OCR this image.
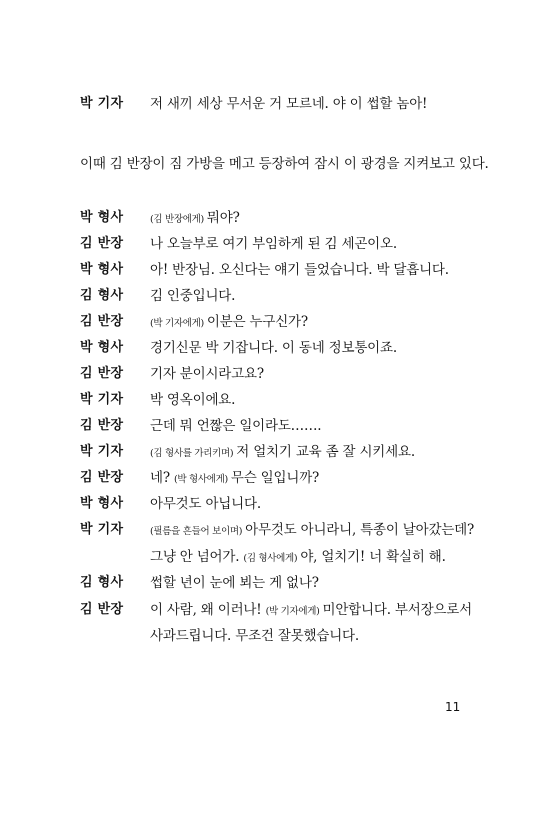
박 기자 저 새끼 세상 무서운 거 모르네. 야 이 썹할 놈아!
이때 김 반장이 짐 가방을 메고 등장하여 잠시 이 광경을 지켜보고 있다.
박 형사	(김 반장에게) 뭐야?
김 반장 나 오늘부로 여기 부임하게 된 김 세곤이오.
박 형사 아! 반장님. 오신다는 얘기 들었습니다. 박 달흡니다.
김 형사 김 인중입니다.
김 반장	(박 기자에게) 이분은 누구신가?
박 형사 경기신문 박 기잡니다. 이 동네 정보통이죠.
김 반장 기자 분이시라고요?
박 기자 박 영옥이에요.
김 반장 근데 뭐 언짢은 일이라도…….
박 기자	(김 형사를 가리키며) 저 얼치기 교육 좀 잘 시키세요.
김 반장 네? (박 형사에게) 무슨 일입니까?
박 형사 아무것도 아닙니다.
박 기자	(필름을 흔들어 보이며) 아무것도 아니라니, 특종이 날아갔는데?
그냥 안 넘어가. (김 형사에게) 야, 얼치기! 너 확실히 해.
김 형사 썹할 년이 눈에 뵈는 게 없나?
김 반장 이 사람, 왜 이러나! (박 기자에게) 미안합니다. 부서장으로서
사과드립니다. 무조건 잘못했습니다.
11
